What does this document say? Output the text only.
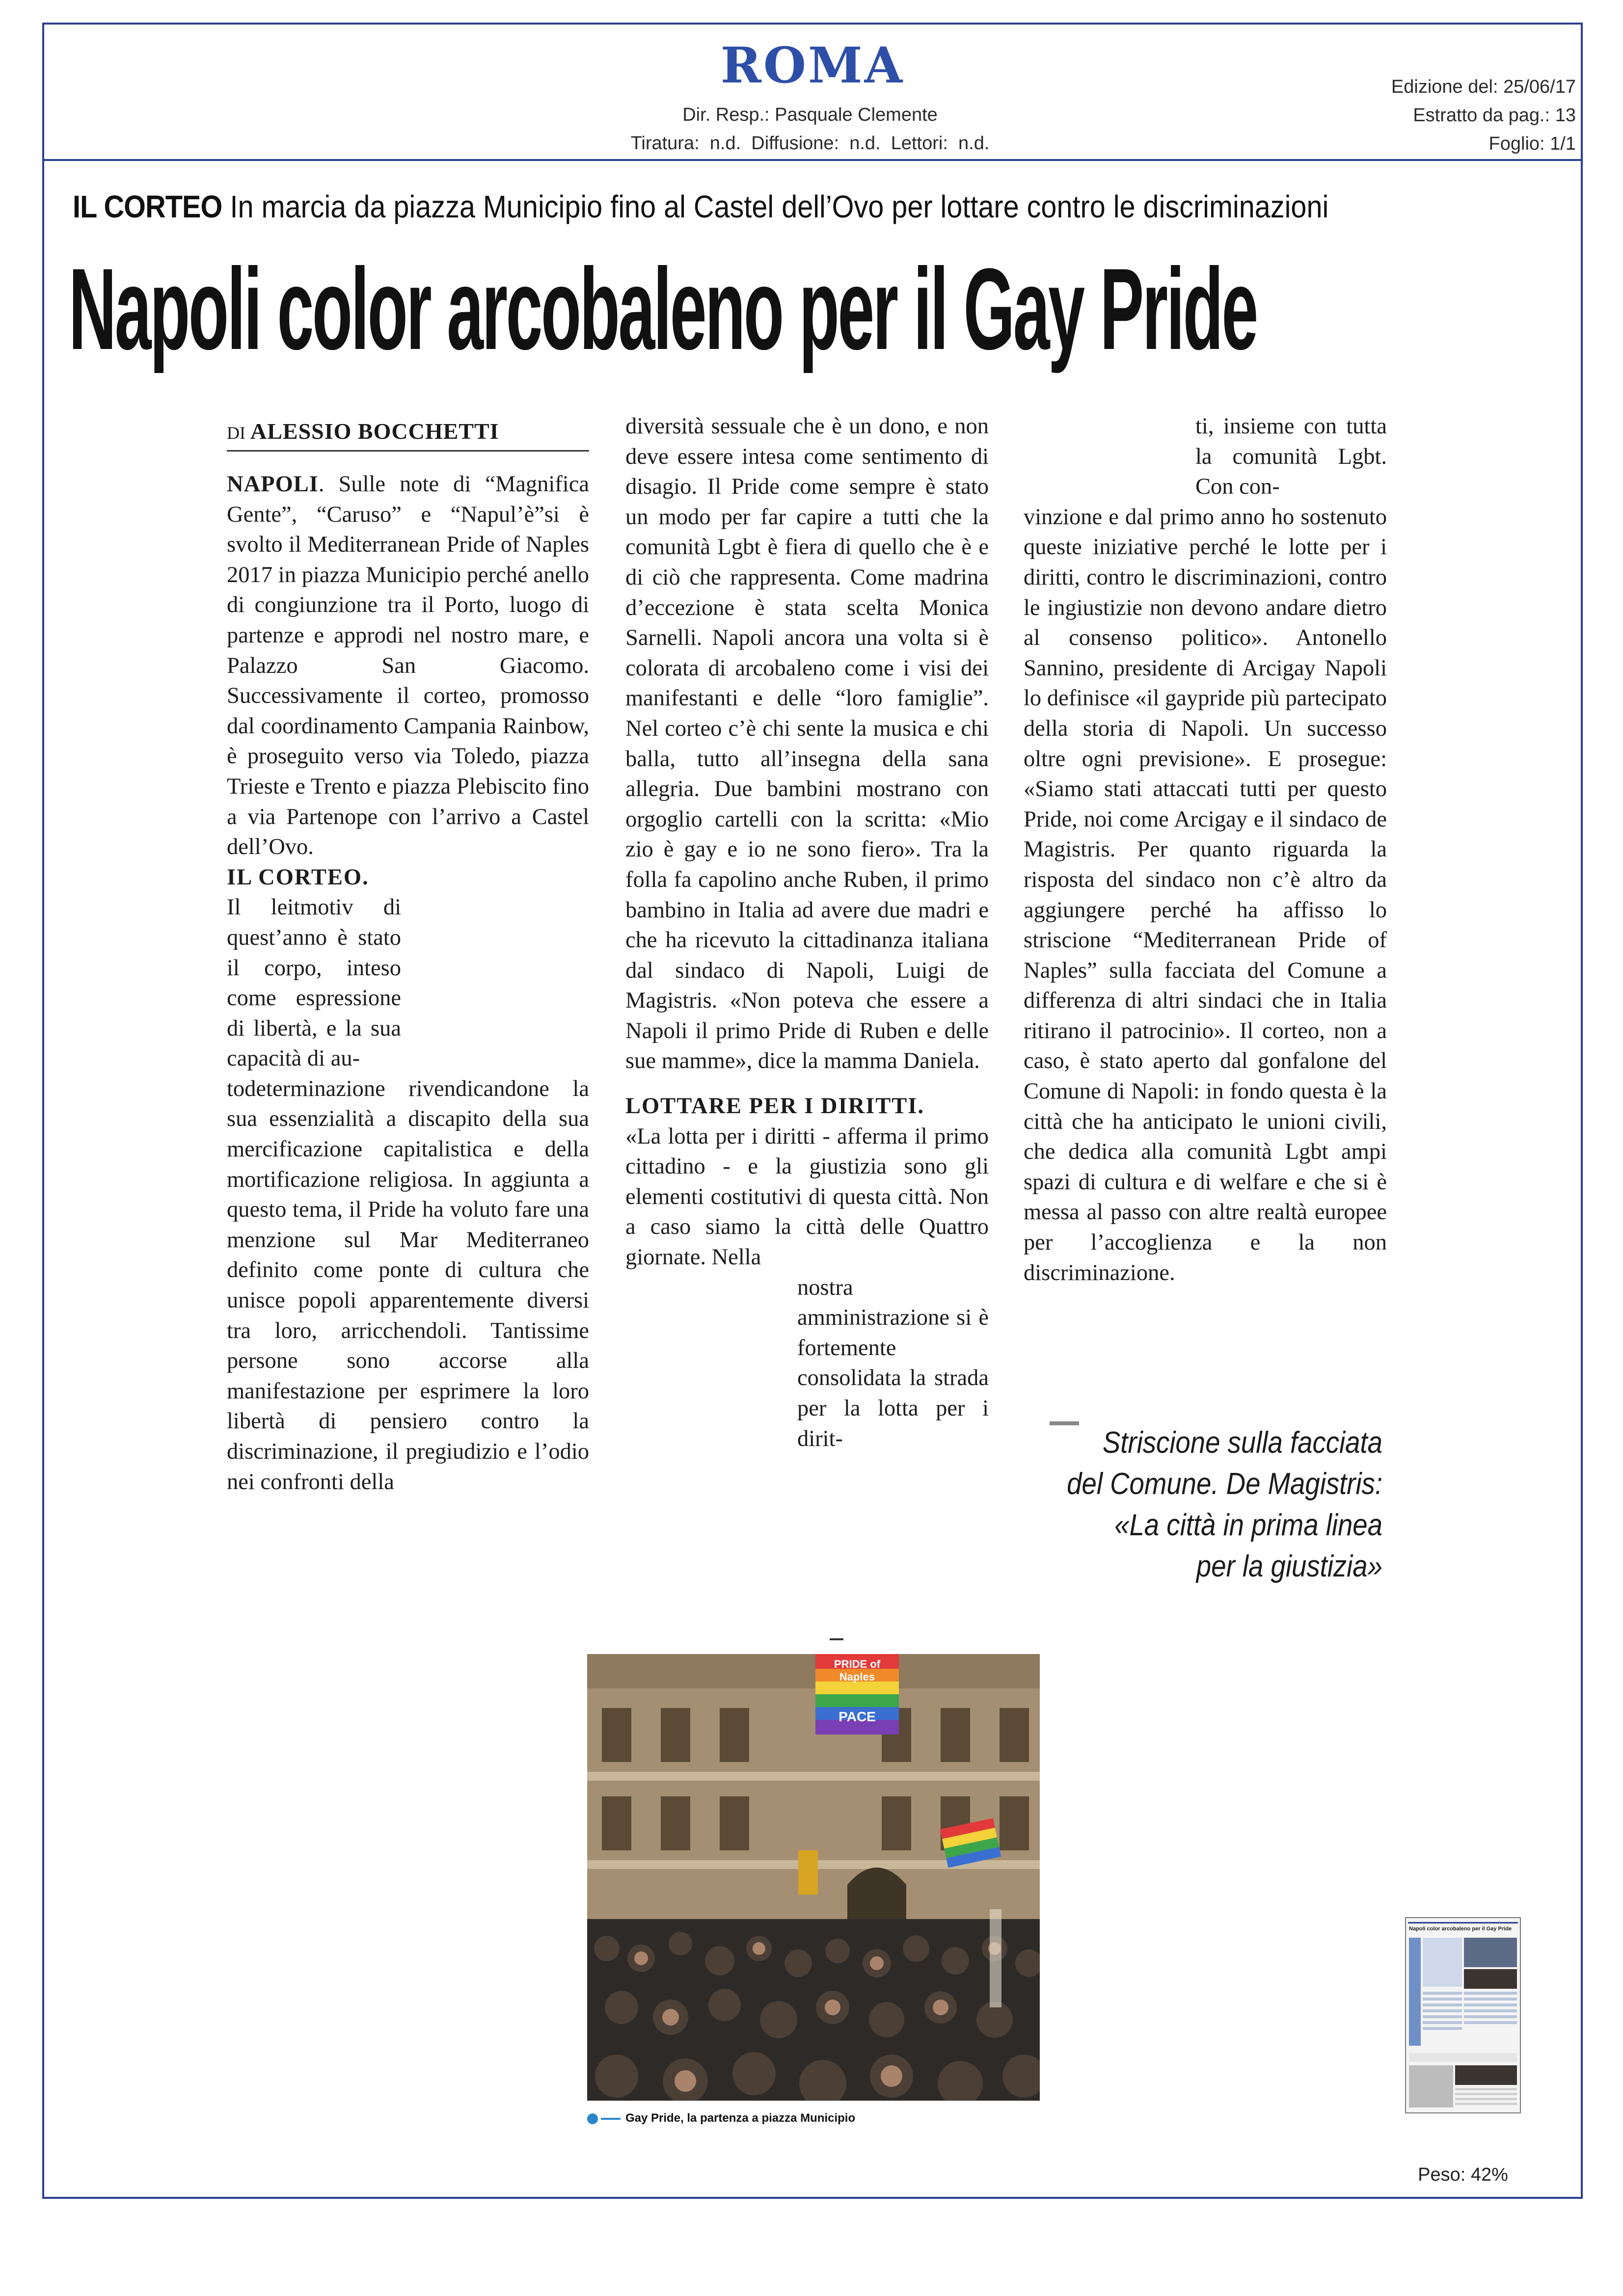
ROMA
Dir. Resp.: Pasquale Clemente
Tiratura:  n.d.  Diffusione:  n.d.  Lettori:  n.d.
Edizione del: 25/06/17
Estratto da pag.: 13
Foglio: 1/1
IL CORTEO In marcia da piazza Municipio fino al Castel dell’Ovo per lottare contro le discriminazioni
Napoli color arcobaleno per il Gay Pride
DI ALESSIO BOCCHETTI

NAPOLI. Sulle note di “Magnifica Gente”, “Caruso” e “Napul’è”si è svolto il Mediterranean Pride of Naples 2017 in piazza Municipio perché anello di congiunzione tra il Porto, luogo di partenze e approdi nel nostro mare, e Palazzo San Giacomo. Successivamente il corteo, promosso dal coordinamento Campania Rainbow, è proseguito verso via Toledo, piazza Trieste e Trento e piazza Plebiscito fino a via Partenope con l’arrivo a Castel dell’Ovo.

IL CORTEO.

Il leitmotiv di quest’anno è stato il corpo, inteso come espressione di libertà, e la sua capacità di au-

todeterminazione rivendicandone la sua essenzialità a discapito della sua mercificazione capitalistica e della mortificazione religiosa. In aggiunta a questo tema, il Pride ha voluto fare una menzione sul Mar Mediterraneo definito come ponte di cultura che unisce popoli apparentemente diversi tra loro, arricchendoli. Tantissime persone sono accorse alla manifestazione per esprimere la loro libertà di pensiero contro la discriminazione, il pregiudizio e l’odio nei confronti della

diversità sessuale che è un dono, e non deve essere intesa come sentimento di disagio. Il Pride come sempre è stato un modo per far capire a tutti che la comunità Lgbt è fiera di quello che è e di ciò che rappresenta. Come madrina d’eccezione è stata scelta Monica Sarnelli. Napoli ancora una volta si è colorata di arcobaleno come i visi dei manifestanti e delle “loro famiglie”. Nel corteo c’è chi sente la musica e chi balla, tutto all’insegna della sana allegria. Due bambini mostrano con orgoglio cartelli con la scritta: «Mio zio è gay e io ne sono fiero». Tra la folla fa capolino anche Ruben, il primo bambino in Italia ad avere due madri e che ha ricevuto la cittadinanza italiana dal sindaco di Napoli, Luigi de Magistris. «Non poteva che essere a Napoli il primo Pride di Ruben e delle sue mamme», dice la mamma Daniela.

LOTTARE PER I DIRITTI.

«La lotta per i diritti - afferma il primo cittadino - e la giustizia sono gli elementi costitutivi di questa città. Non a caso siamo la città delle Quattro giornate. Nella

nostra amministrazione si è fortemente consolidata la strada per la lotta per i dirit-

ti, insieme con tutta la comunità Lgbt. Con con-

vinzione e dal primo anno ho sostenuto queste iniziative perché le lotte per i diritti, contro le discriminazioni, contro le ingiustizie non devono andare dietro al consenso politico». Antonello Sannino, presidente di Arcigay Napoli lo definisce «il gaypride più partecipato della storia di Napoli. Un successo oltre ogni previsione». E prosegue: «Siamo stati attaccati tutti per questo Pride, noi come Arcigay e il sindaco de Magistris. Per quanto riguarda la risposta del sindaco non c’è altro da aggiungere perché ha affisso lo striscione “Mediterranean Pride of Naples” sulla facciata del Comune a differenza di altri sindaci che in Italia ritirano il patrocinio». Il corteo, non a caso, è stato aperto dal gonfalone del Comune di Napoli: in fondo questa è la città che ha anticipato le unioni civili, che dedica alla comunità Lgbt ampi spazi di cultura e di welfare e che si è messa al passo con altre realtà europee per l’accoglienza e la non discriminazione.

Striscione sulla facciata
del Comune. De Magistris:
«La città in prima linea
per la giustizia»
PRIDE of Naples
PACE
Gay Pride, la partenza a piazza Municipio
Napoli color arcobaleno per il Gay Pride
Peso: 42%
